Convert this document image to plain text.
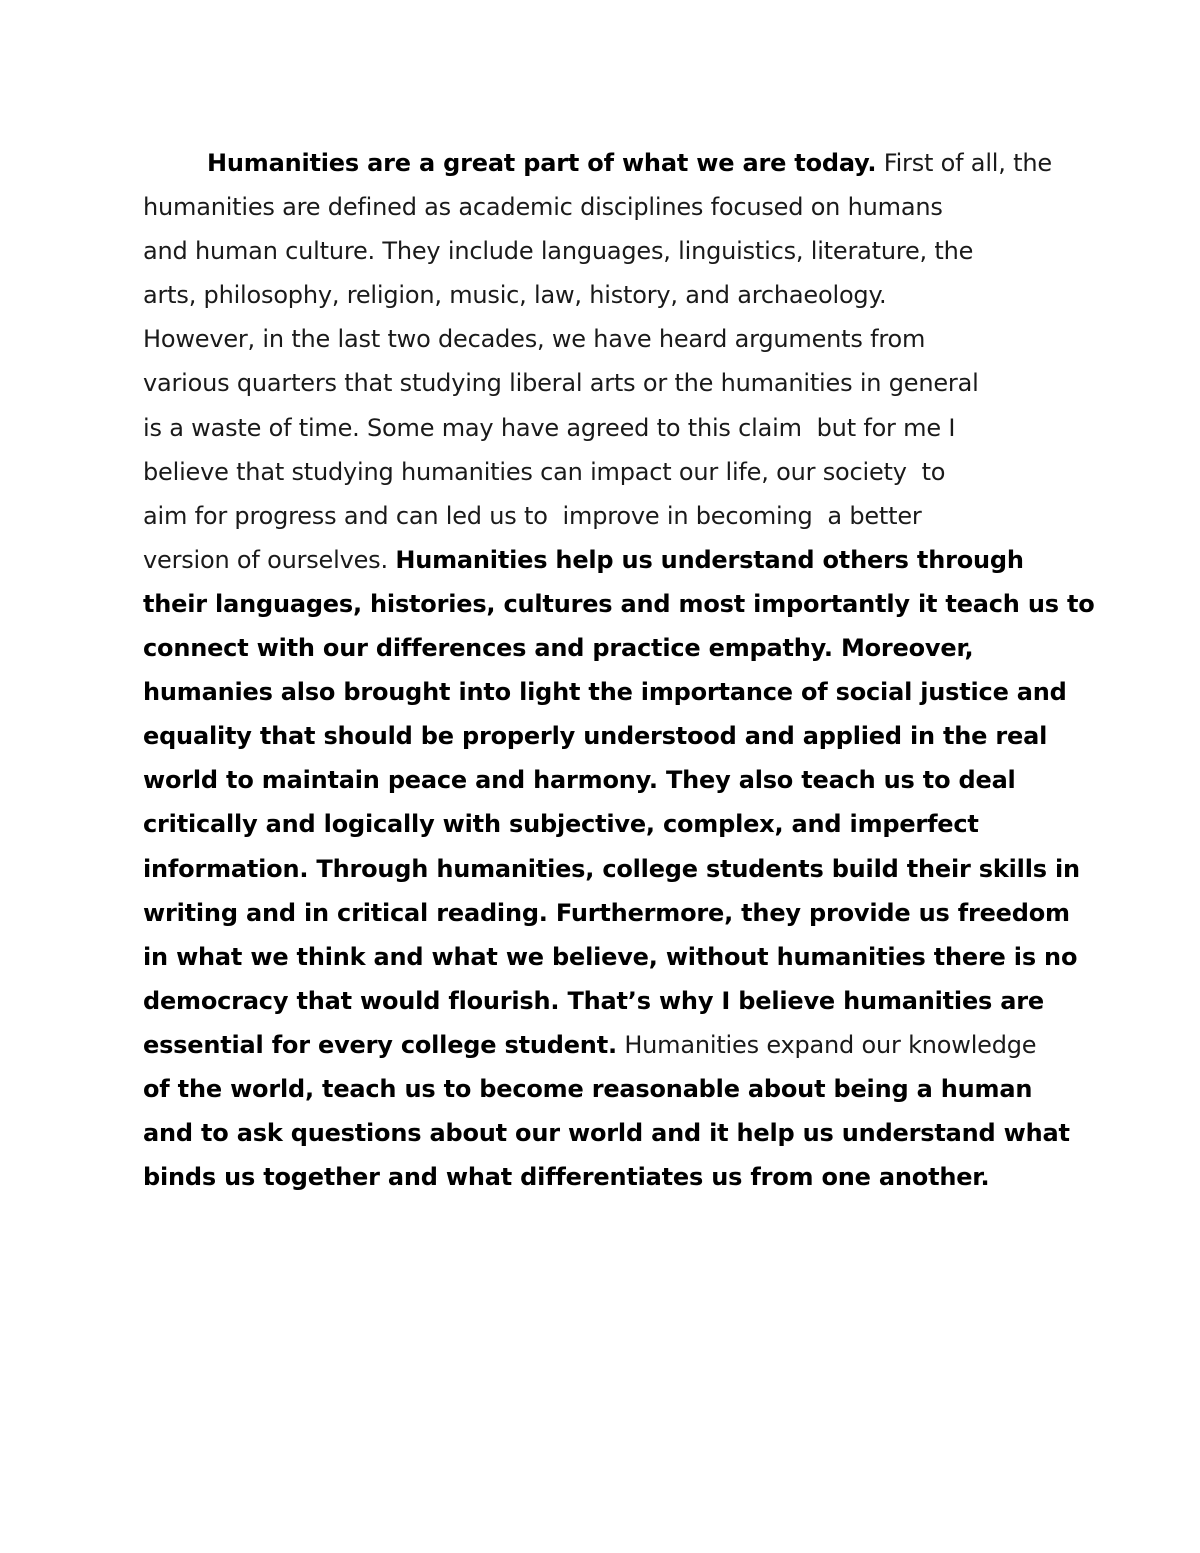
Humanities are a great part of what we are today. First of all, the
humanities are defined as academic disciplines focused on humans
and human culture. They include languages, linguistics, literature, the
arts, philosophy, religion, music, law, history, and archaeology.
However, in the last two decades, we have heard arguments from
various quarters that studying liberal arts or the humanities in general
is a waste of time. Some may have agreed to this claim  but for me I
believe that studying humanities can impact our life, our society  to
aim for progress and can led us to  improve in becoming  a better
version of ourselves. Humanities help us understand others through
their languages, histories, cultures and most importantly it teach us to
connect with our differences and practice empathy. Moreover,
humanies also brought into light the importance of social justice and
equality that should be properly understood and applied in the real
world to maintain peace and harmony. They also teach us to deal
critically and logically with subjective, complex, and imperfect
information. Through humanities, college students build their skills in
writing and in critical reading. Furthermore, they provide us freedom
in what we think and what we believe, without humanities there is no
democracy that would flourish. That’s why I believe humanities are
essential for every college student. Humanities expand our knowledge
of the world, teach us to become reasonable about being a human
and to ask questions about our world and it help us understand what
binds us together and what differentiates us from one another.
